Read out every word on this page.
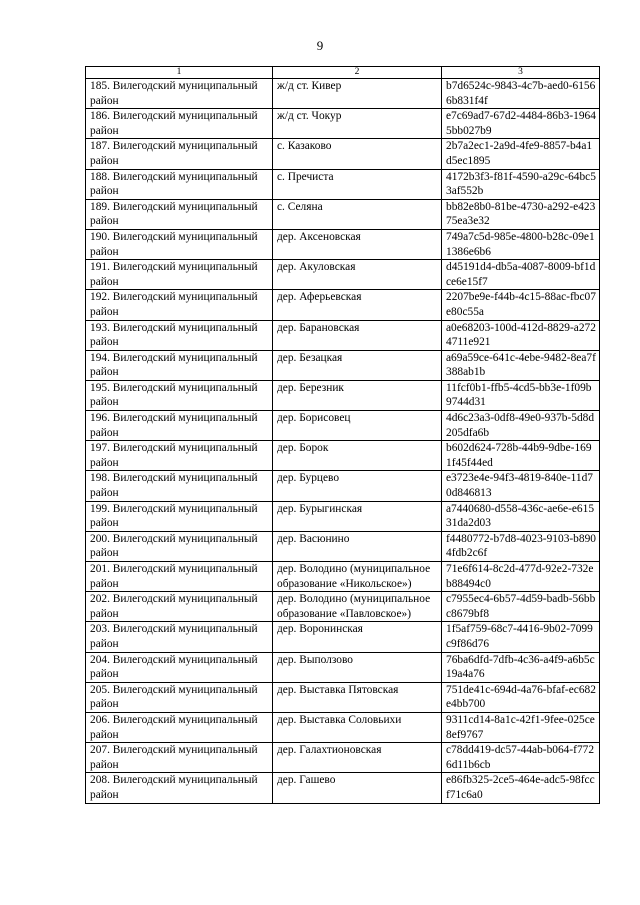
9
1	2	3
185. Вилегодский муниципальный район	ж/д ст. Кивер	b7d6524c-9843-4c7b-aed0-61566b831f4f
186. Вилегодский муниципальный район	ж/д ст. Чокур	e7c69ad7-67d2-4484-86b3-19645bb027b9
187. Вилегодский муниципальный район	с. Казаково	2b7a2ec1-2a9d-4fe9-8857-b4a1d5ec1895
188. Вилегодский муниципальный район	с. Пречиста	4172b3f3-f81f-4590-a29c-64bc53af552b
189. Вилегодский муниципальный район	с. Селяна	bb82e8b0-81be-4730-a292-e42375ea3e32
190. Вилегодский муниципальный район	дер. Аксеновская	749a7c5d-985e-4800-b28c-09e11386e6b6
191. Вилегодский муниципальный район	дер. Акуловская	d45191d4-db5a-4087-8009-bf1dce6e15f7
192. Вилегодский муниципальный район	дер. Аферьевская	2207be9e-f44b-4c15-88ac-fbc07e80c55a
193. Вилегодский муниципальный район	дер. Барановская	a0e68203-100d-412d-8829-a2724711e921
194. Вилегодский муниципальный район	дер. Безацкая	a69a59ce-641c-4ebe-9482-8ea7f388ab1b
195. Вилегодский муниципальный район	дер. Березник	11fcf0b1-ffb5-4cd5-bb3e-1f09b9744d31
196. Вилегодский муниципальный район	дер. Борисовец	4d6c23a3-0df8-49e0-937b-5d8d205dfa6b
197. Вилегодский муниципальный район	дер. Борок	b602d624-728b-44b9-9dbe-1691f45f44ed
198. Вилегодский муниципальный район	дер. Бурцево	e3723e4e-94f3-4819-840e-11d70d846813
199. Вилегодский муниципальный район	дер. Бурыгинская	a7440680-d558-436c-ae6e-e61531da2d03
200. Вилегодский муниципальный район	дер. Васюнино	f4480772-b7d8-4023-9103-b8904fdb2c6f
201. Вилегодский муниципальный район	дер. Володино (муниципальное образование «Никольское»)	71e6f614-8c2d-477d-92e2-732eb88494c0
202. Вилегодский муниципальный район	дер. Володино (муниципальное образование «Павловское»)	c7955ec4-6b57-4d59-badb-56bbc8679bf8
203. Вилегодский муниципальный район	дер. Воронинская	1f5af759-68c7-4416-9b02-7099c9f86d76
204. Вилегодский муниципальный район	дер. Выползово	76ba6dfd-7dfb-4c36-a4f9-a6b5c19a4a76
205. Вилегодский муниципальный район	дер. Выставка Пятовская	751de41c-694d-4a76-bfaf-ec682e4bb700
206. Вилегодский муниципальный район	дер. Выставка Соловьихи	9311cd14-8a1c-42f1-9fee-025ce8ef9767
207. Вилегодский муниципальный район	дер. Галахтионовская	c78dd419-dc57-44ab-b064-f7726d11b6cb
208. Вилегодский муниципальный район	дер. Гашево	e86fb325-2ce5-464e-adc5-98fccf71c6a0
